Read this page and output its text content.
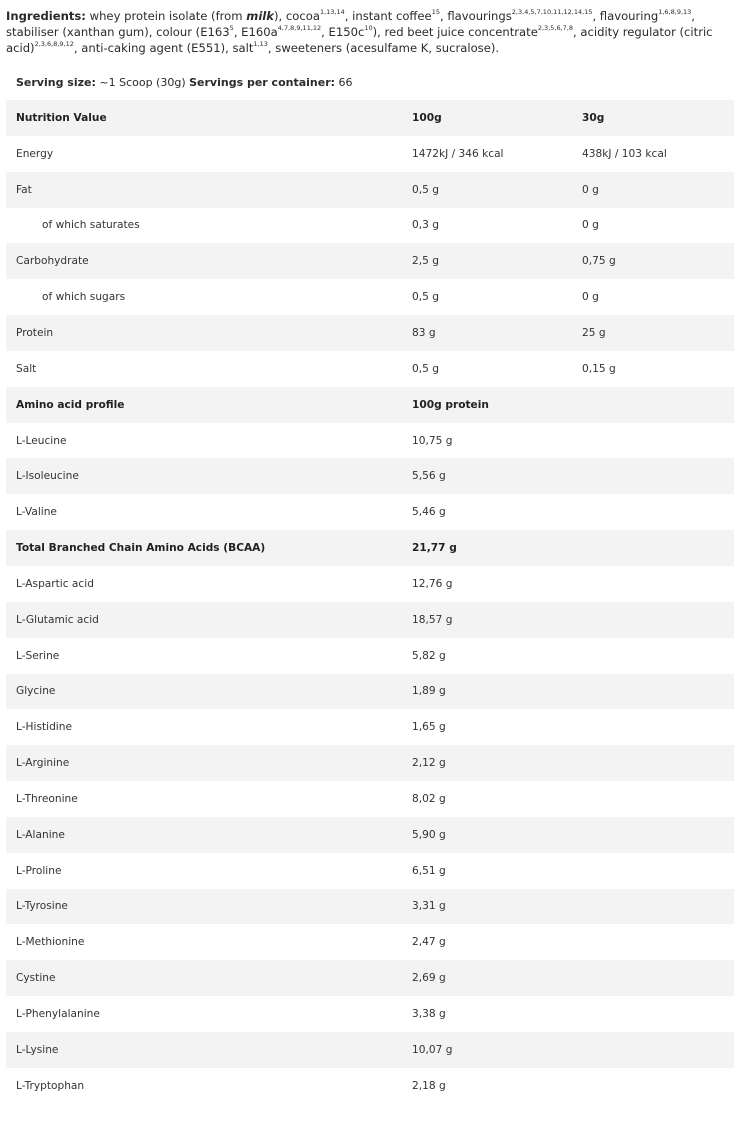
Ingredients: whey protein isolate (from milk), cocoa$^{1,13,14}$, instant coffee$^{15}$, flavourings$^{2,3,4,5,7,10,11,12,14,15}$, flavouring$^{1,6,8,9,13}$, stabiliser (xanthan gum), colour ($E163^5$, $E160a^{4,7,8,9,11,12}$, $E150c^{10}$), red beet juice concentrate$^{2,3,5,6,7,8}$, acidity regulator (citric acid)$^{2,3,6,8,9,12}$, anti-caking agent (E551), salt$^{1,13}$, sweeteners (acesulfame K, sucralose).

Serving size: ~1 Scoop (30g) Servings per container: 66
Nutrition Value	100g	30g
Energy	1472kJ / 346 kcal	438kJ / 103 kcal
Fat	0,5 g	0 g
of which saturates	0,3 g	0 g
Carbohydrate	2,5 g	0,75 g
of which sugars	0,5 g	0 g
Protein	83 g	25 g
Salt	0,5 g	0,15 g
Amino acid profile	100g protein	
L-Leucine	10,75 g	
L-Isoleucine	5,56 g	
L-Valine	5,46 g	
Total Branched Chain Amino Acids (BCAA)	21,77 g	
L-Aspartic acid	12,76 g	
L-Glutamic acid	18,57 g	
L-Serine	5,82 g	
Glycine	1,89 g	
L-Histidine	1,65 g	
L-Arginine	2,12 g	
L-Threonine	8,02 g	
L-Alanine	5,90 g	
L-Proline	6,51 g	
L-Tyrosine	3,31 g	
L-Methionine	2,47 g	
Cystine	2,69 g	
L-Phenylalanine	3,38 g	
L-Lysine	10,07 g	
L-Tryptophan	2,18 g	
